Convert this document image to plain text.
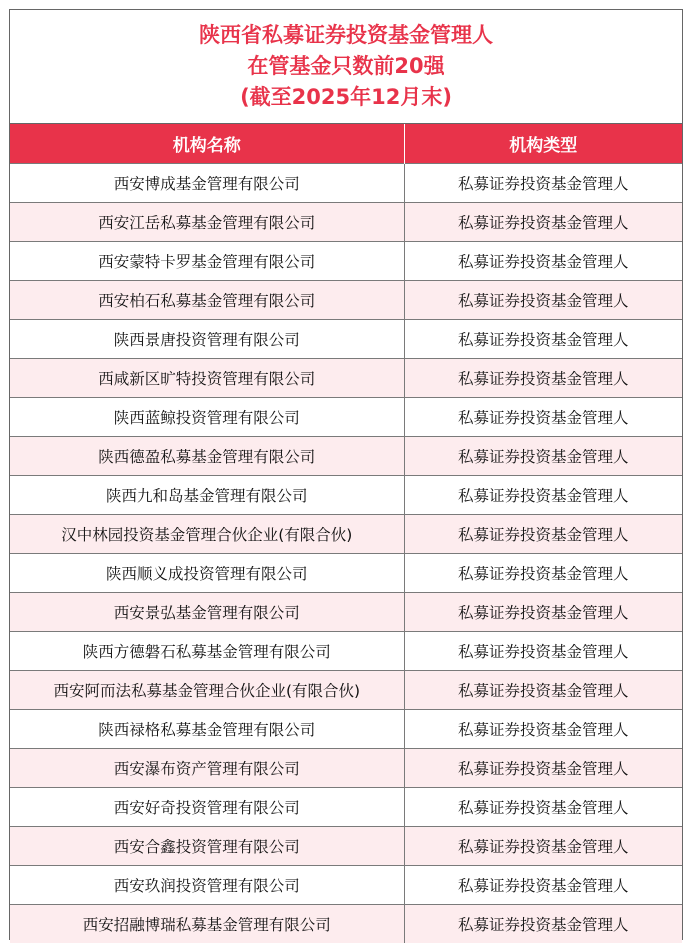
陕西省私募证券投资基金管理人
在管基金只数前20强
(截至2025年12月末)
机构名称	机构类型
西安博成基金管理有限公司	私募证券投资基金管理人
西安江岳私募基金管理有限公司	私募证券投资基金管理人
西安蒙特卡罗基金管理有限公司	私募证券投资基金管理人
西安柏石私募基金管理有限公司	私募证券投资基金管理人
陕西景唐投资管理有限公司	私募证券投资基金管理人
西咸新区旷特投资管理有限公司	私募证券投资基金管理人
陕西蓝鲸投资管理有限公司	私募证券投资基金管理人
陕西德盈私募基金管理有限公司	私募证券投资基金管理人
陕西九和岛基金管理有限公司	私募证券投资基金管理人
汉中林园投资基金管理合伙企业(有限合伙)	私募证券投资基金管理人
陕西顺义成投资管理有限公司	私募证券投资基金管理人
西安景弘基金管理有限公司	私募证券投资基金管理人
陕西方德磐石私募基金管理有限公司	私募证券投资基金管理人
西安阿而法私募基金管理合伙企业(有限合伙)	私募证券投资基金管理人
陕西禄格私募基金管理有限公司	私募证券投资基金管理人
西安瀑布资产管理有限公司	私募证券投资基金管理人
西安好奇投资管理有限公司	私募证券投资基金管理人
西安合鑫投资管理有限公司	私募证券投资基金管理人
西安玖润投资管理有限公司	私募证券投资基金管理人
西安招融博瑞私募基金管理有限公司	私募证券投资基金管理人
